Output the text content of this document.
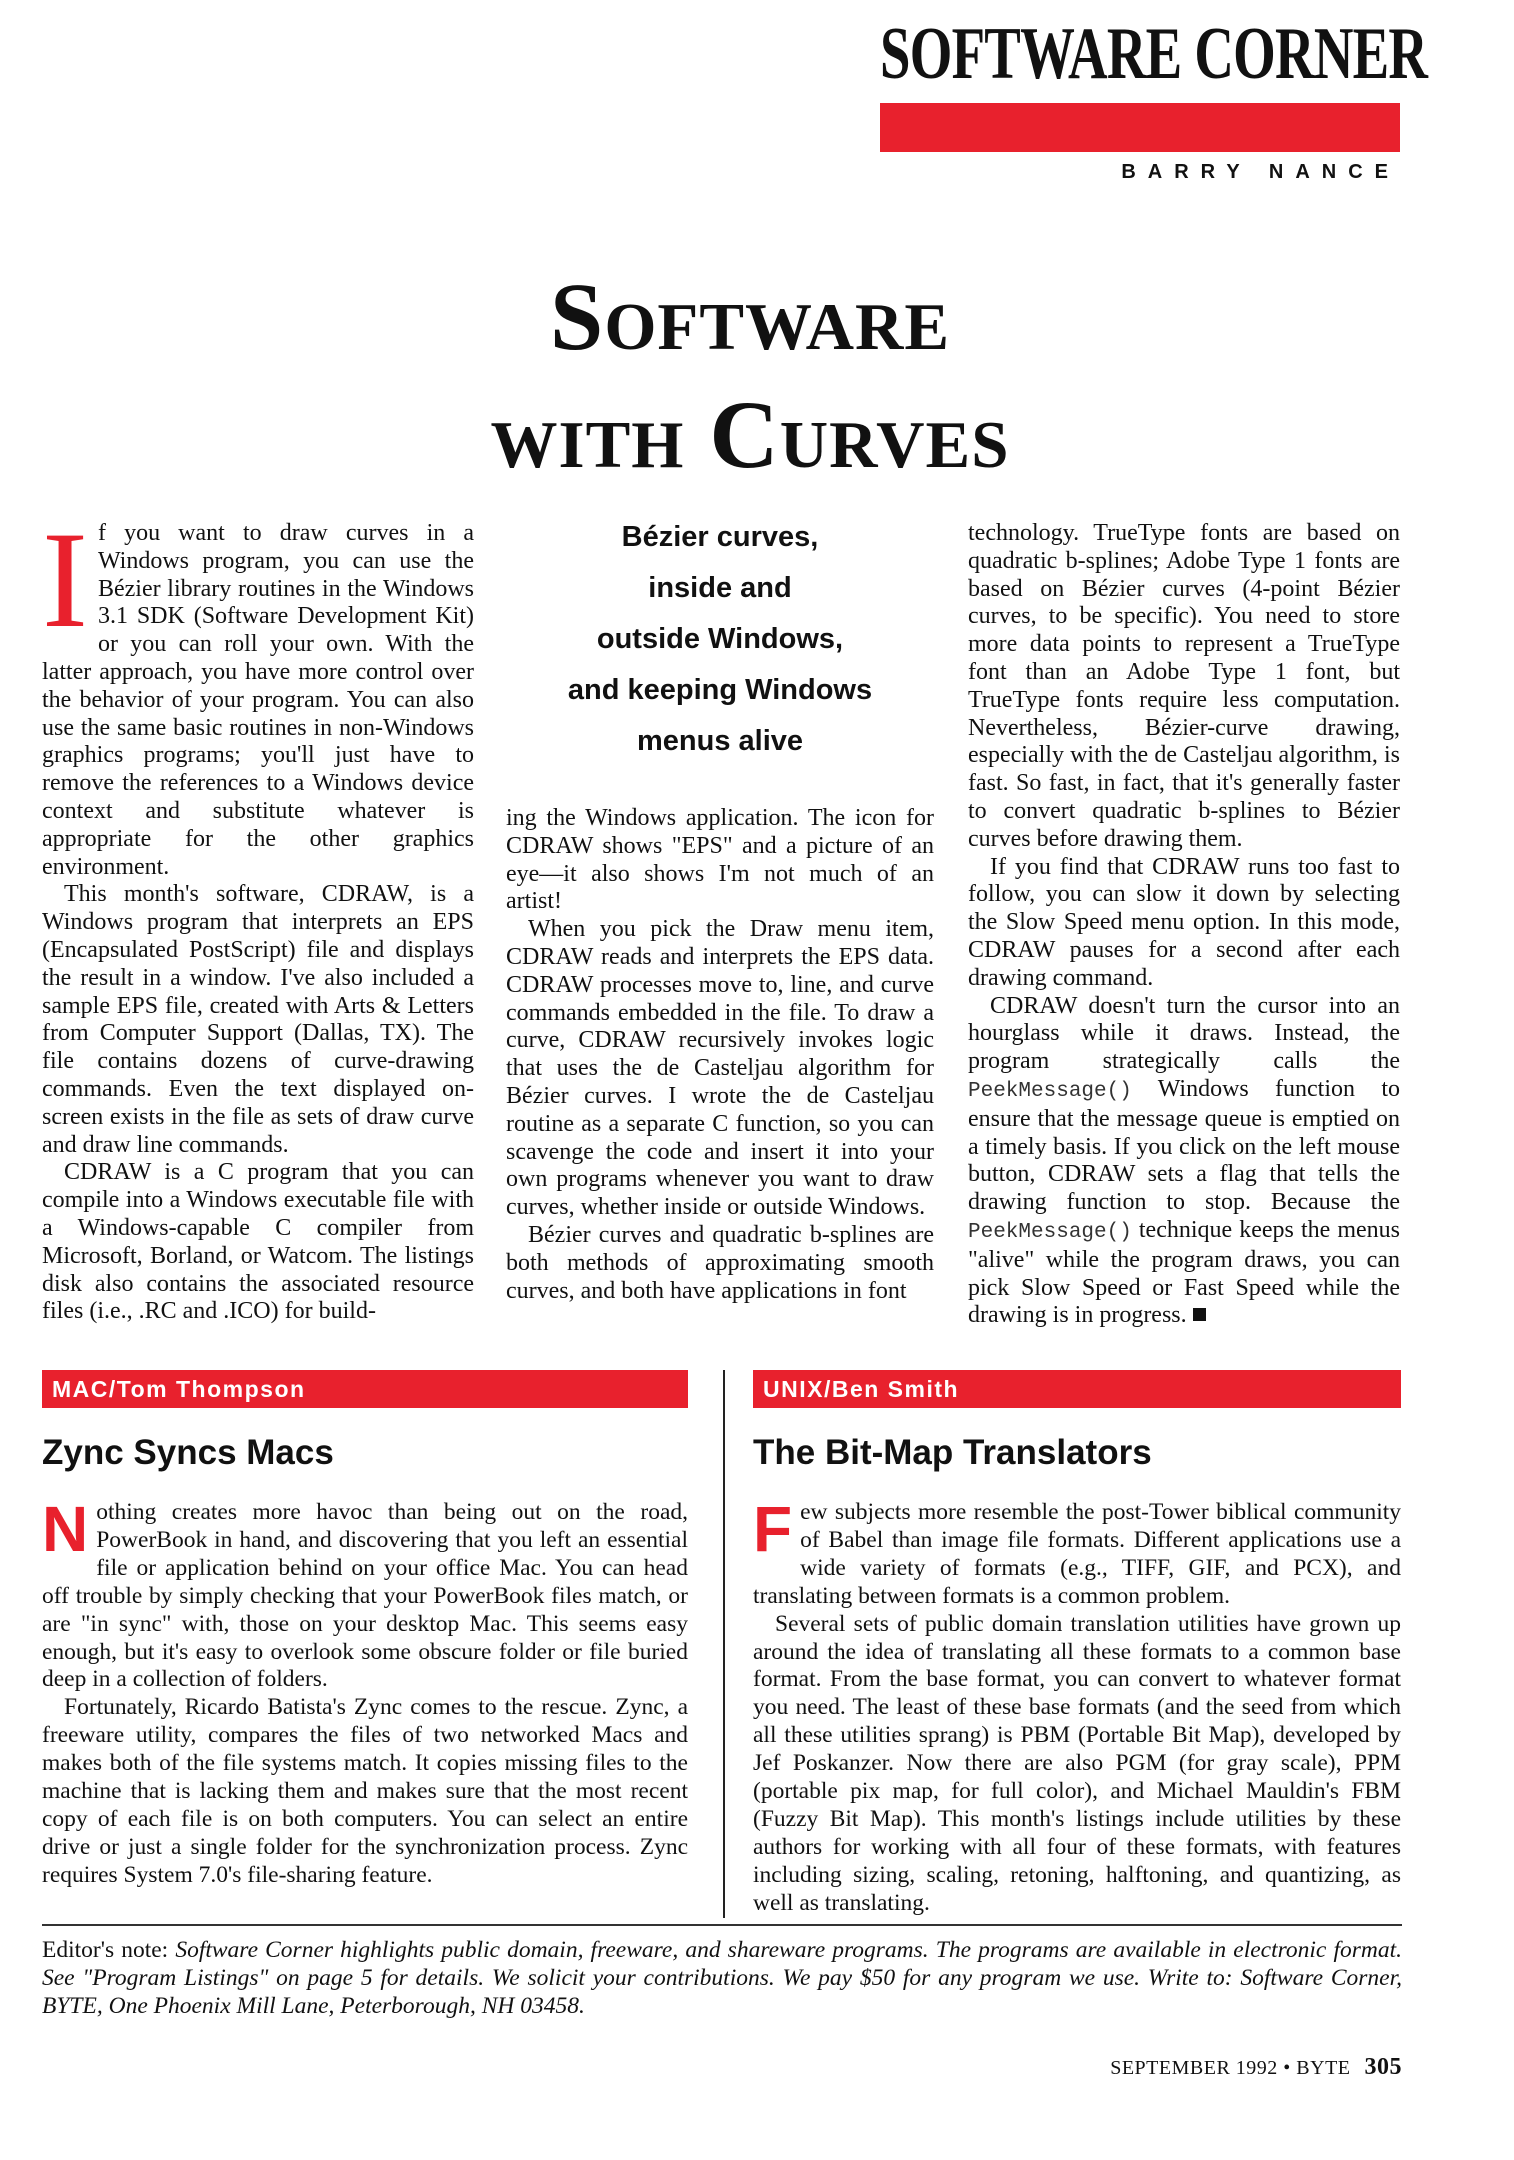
SOFTWARE CORNER
BARRY NANCE
Software
with Curves

If you want to draw curves in a Windows program, you can use the Bézier library routines in the Windows 3.1 SDK (Software Development Kit) or you can roll your own. With the latter approach, you have more control over the behavior of your program. You can also use the same basic routines in non-Windows graphics programs; you'll just have to remove the references to a Windows device context and substitute whatever is appropriate for the other graphics environment.

This month's software, CDRAW, is a Windows program that interprets an EPS (Encapsulated PostScript) file and displays the result in a window. I've also included a sample EPS file, created with Arts & Letters from Computer Support (Dallas, TX). The file contains dozens of curve-drawing commands. Even the text displayed on-screen exists in the file as sets of draw curve and draw line commands.

CDRAW is a C program that you can compile into a Windows executable file with a Windows-capable C compiler from Microsoft, Borland, or Watcom. The listings disk also contains the associated resource files (i.e., .RC and .ICO) for build-

Bézier curves,
inside and
outside Windows,
and keeping Windows
menus alive

ing the Windows application. The icon for CDRAW shows "EPS" and a picture of an eye—it also shows I'm not much of an artist!

When you pick the Draw menu item, CDRAW reads and interprets the EPS data. CDRAW processes move to, line, and curve commands embedded in the file. To draw a curve, CDRAW recursively invokes logic that uses the de Casteljau algorithm for Bézier curves. I wrote the de Casteljau routine as a separate C function, so you can scavenge the code and insert it into your own programs whenever you want to draw curves, whether inside or outside Windows.

Bézier curves and quadratic b-splines are both methods of approximating smooth curves, and both have applications in font

technology. TrueType fonts are based on quadratic b-splines; Adobe Type 1 fonts are based on Bézier curves (4-point Bézier curves, to be specific). You need to store more data points to represent a TrueType font than an Adobe Type 1 font, but TrueType fonts require less computation. Nevertheless, Bézier-curve drawing, especially with the de Casteljau algorithm, is fast. So fast, in fact, that it's generally faster to convert quadratic b-splines to Bézier curves before drawing them.

If you find that CDRAW runs too fast to follow, you can slow it down by selecting the Slow Speed menu option. In this mode, CDRAW pauses for a second after each drawing command.

CDRAW doesn't turn the cursor into an hourglass while it draws. Instead, the program strategically calls the PeekMessage() Windows function to ensure that the message queue is emptied on a timely basis. If you click on the left mouse button, CDRAW sets a flag that tells the drawing function to stop. Because the PeekMessage() technique keeps the menus "alive" while the program draws, you can pick Slow Speed or Fast Speed while the drawing is in progress.

MAC/Tom Thompson
Zync Syncs Macs

Nothing creates more havoc than being out on the road, PowerBook in hand, and discovering that you left an essential file or application behind on your office Mac. You can head off trouble by simply checking that your PowerBook files match, or are "in sync" with, those on your desktop Mac. This seems easy enough, but it's easy to overlook some obscure folder or file buried deep in a collection of folders.

Fortunately, Ricardo Batista's Zync comes to the rescue. Zync, a freeware utility, compares the files of two networked Macs and makes both of the file systems match. It copies missing files to the machine that is lacking them and makes sure that the most recent copy of each file is on both computers. You can select an entire drive or just a single folder for the synchronization process. Zync requires System 7.0's file-sharing feature.

UNIX/Ben Smith
The Bit-Map Translators

Few subjects more resemble the post-Tower biblical community of Babel than image file formats. Different applications use a wide variety of formats (e.g., TIFF, GIF, and PCX), and translating between formats is a common problem.

Several sets of public domain translation utilities have grown up around the idea of translating all these formats to a common base format. From the base format, you can convert to whatever format you need. The least of these base formats (and the seed from which all these utilities sprang) is PBM (Portable Bit Map), developed by Jef Poskanzer. Now there are also PGM (for gray scale), PPM (portable pix map, for full color), and Michael Mauldin's FBM (Fuzzy Bit Map). This month's listings include utilities by these authors for working with all four of these formats, with features including sizing, scaling, retoning, halftoning, and quantizing, as well as translating.

Editor's note: Software Corner highlights public domain, freeware, and shareware programs. The programs are available in electronic format. See "Program Listings" on page 5 for details. We solicit your contributions. We pay $50 for any program we use. Write to: Software Corner, BYTE, One Phoenix Mill Lane, Peterborough, NH 03458.
SEPTEMBER 1992 • BYTE 305
